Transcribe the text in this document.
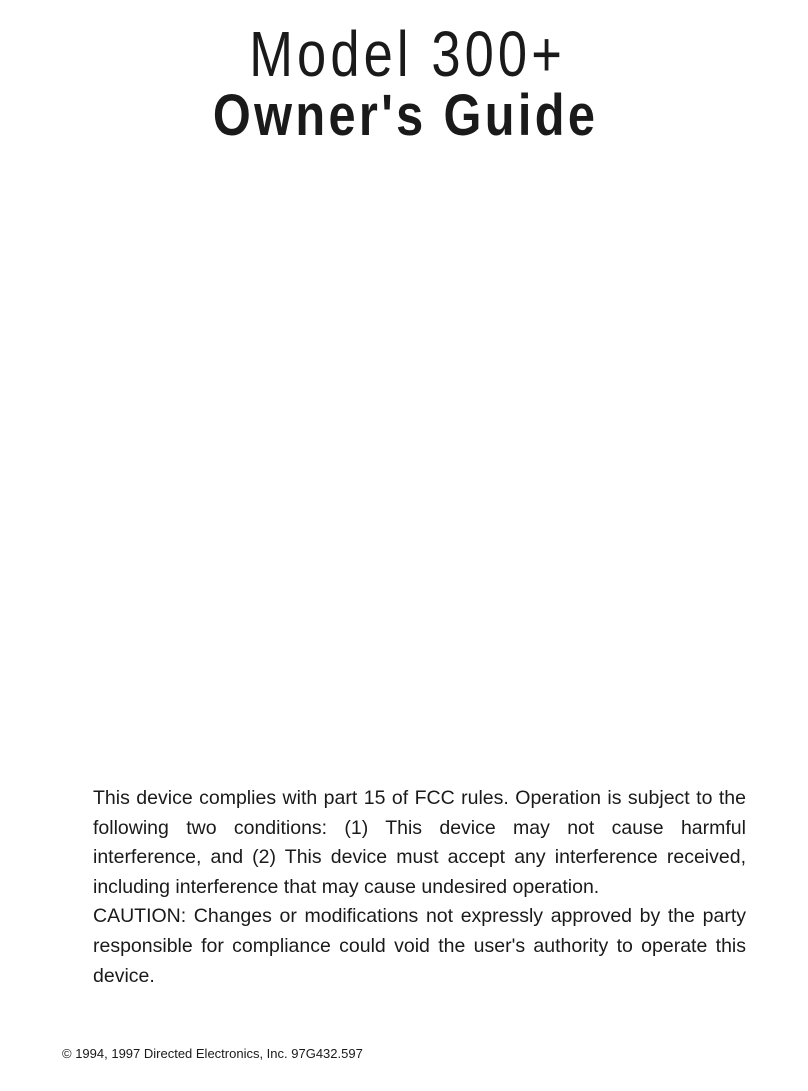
Model 300+
Owner's Guide

This device complies with part 15 of FCC rules. Operation is subject to the following two conditions: (1) This device may not cause harmful interference, and (2) This device must accept any interference received, including interference that may cause undesired operation.

CAUTION: Changes or modifications not expressly approved by the party responsible for compliance could void the user's authority to operate this device.

© 1994, 1997 Directed Electronics, Inc. 97G432.597
